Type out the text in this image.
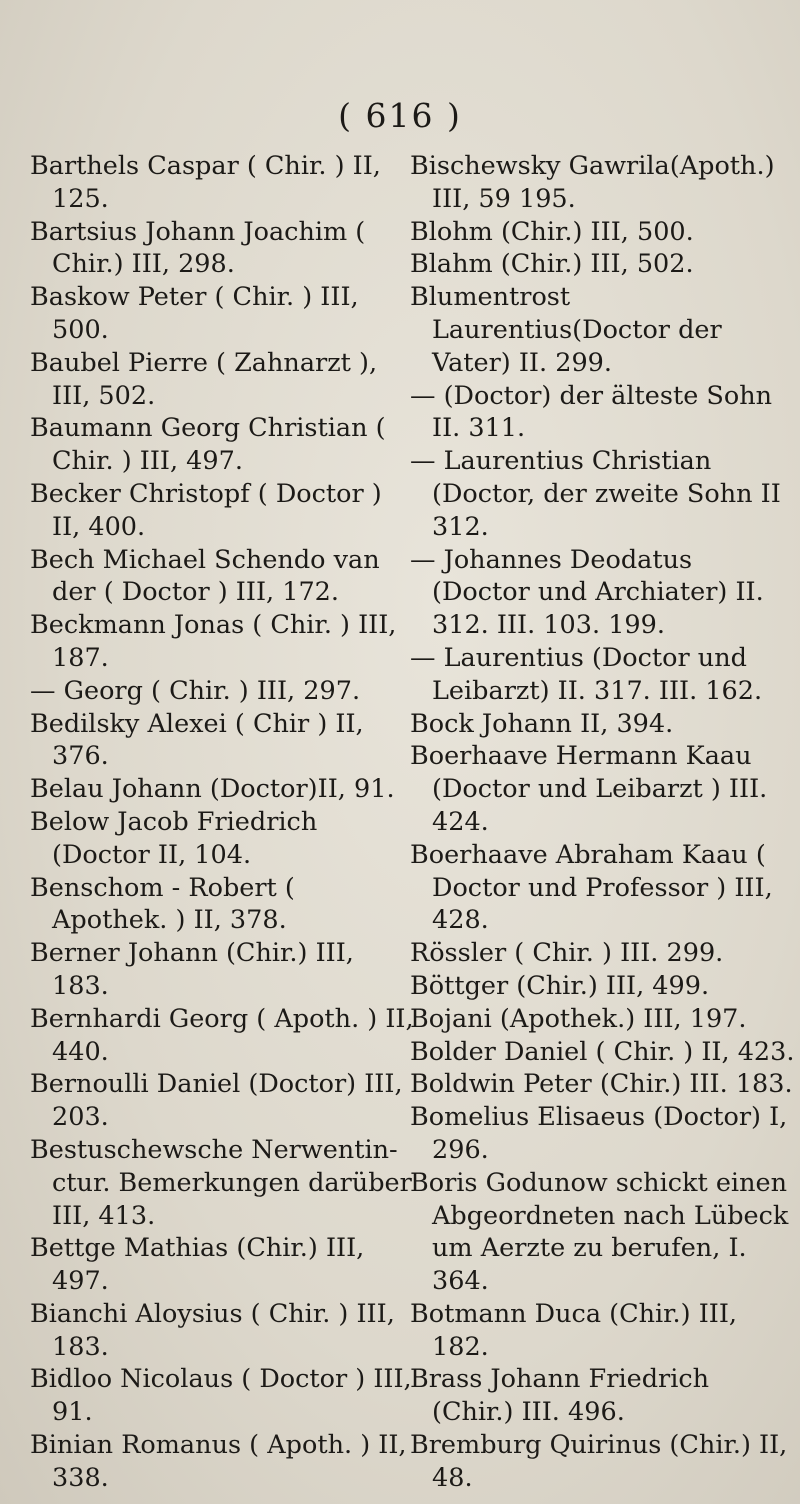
( 616 )

Barthels Caspar ( Chir. ) II, 125.

Bartsius Johann Joachim ( Chir.) III, 298.

Baskow Peter ( Chir. ) III, 500.

Baubel Pierre ( Zahnarzt ), III, 502.

Baumann Georg Christian ( Chir. ) III, 497.

Becker Christopf ( Doctor ) II, 400.

Bech Michael Schendo van der ( Doctor ) III, 172.

Beckmann Jonas ( Chir. ) III, 187.

— Georg ( Chir. ) III, 297.

Bedilsky Alexei ( Chir ) II, 376.

Belau Johann (Doctor)II, 91.

Below Jacob Friedrich (Doctor II, 104.

Benschom - Robert ( Apothek. ) II, 378.

Berner Johann (Chir.) III, 183.

Bernhardi Georg ( Apoth. ) II, 440.

Bernoulli Daniel (Doctor) III, 203.

Bestuschewsche Nerwentin-ctur. Bemerkungen darüber III, 413.

Bettge Mathias (Chir.) III, 497.

Bianchi Aloysius ( Chir. ) III, 183.

Bidloo Nicolaus ( Doctor ) III, 91.

Binian Romanus ( Apoth. ) II, 338.

Bischewsky Gawrila(Apoth.) III, 59 195.

Blohm (Chir.) III, 500.

Blahm (Chir.) III, 502.

Blumentrost Laurentius(Doctor der Vater) II. 299.

— (Doctor) der älteste Sohn II. 311.

— Laurentius Christian (Doctor, der zweite Sohn II 312.

— Johannes Deodatus (Doctor und Archiater) II. 312. III. 103. 199.

— Laurentius (Doctor und Leibarzt) II. 317. III. 162.

Bock Johann II, 394.

Boerhaave Hermann Kaau (Doctor und Leibarzt ) III. 424.

Boerhaave Abraham Kaau ( Doctor und Professor ) III, 428.

Rössler ( Chir. ) III. 299.

Böttger (Chir.) III, 499.

Bojani (Apothek.) III, 197.

Bolder Daniel ( Chir. ) II, 423.

Boldwin Peter (Chir.) III. 183.

Bomelius Elisaeus (Doctor) I, 296.

Boris Godunow schickt einen Abgeordneten nach Lübeck um Aerzte zu berufen, I. 364.

Botmann Duca (Chir.) III, 182.

Brass Johann Friedrich (Chir.) III. 496.

Bremburg Quirinus (Chir.) II, 48.
